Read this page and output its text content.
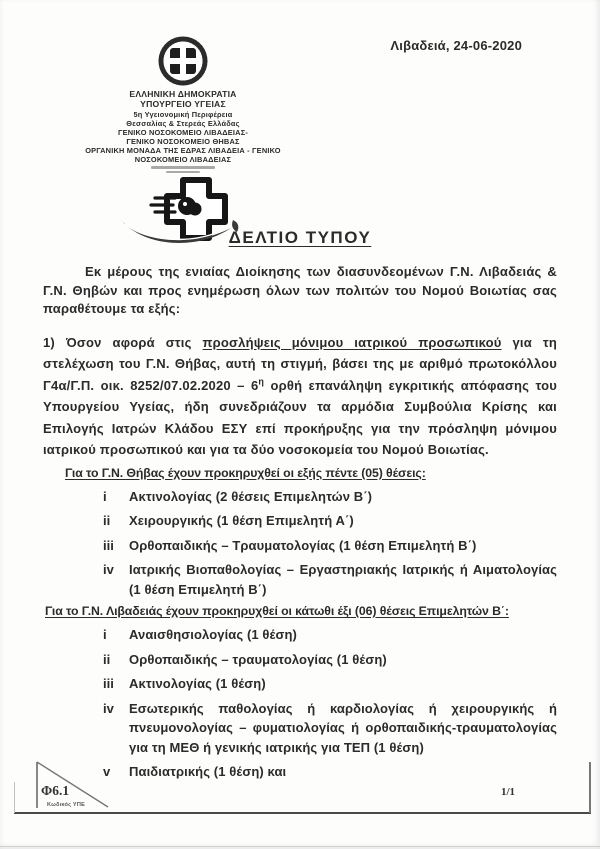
Λιβαδειά, 24-06-2020
ΕΛΛΗΝΙΚΗ ΔΗΜΟΚΡΑΤΙΑ
ΥΠΟΥΡΓΕΙΟ ΥΓΕΙΑΣ
5η Υγειονομική Περιφέρεια
Θεσσαλίας & Στερεάς Ελλάδας
ΓΕΝΙΚΟ ΝΟΣΟΚΟΜΕΙΟ ΛΙΒΑΔΕΙΑΣ-
ΓΕΝΙΚΟ ΝΟΣΟΚΟΜΕΙΟ ΘΗΒΑΣ
ΟΡΓΑΝΙΚΗ ΜΟΝΑΔΑ ΤΗΣ ΕΔΡΑΣ ΛΙΒΑΔΕΙΑ - ΓΕΝΙΚΟ
ΝΟΣΟΚΟΜΕΙΟ ΛΙΒΑΔΕΙΑΣ
ΔΕΛΤΙΟ ΤΥΠΟΥ

Εκ μέρους της ενιαίας Διοίκησης των διασυνδεομένων Γ.Ν. Λιβαδειάς & Γ.Ν. Θηβών και προς ενημέρωση όλων των πολιτών του Νομού Βοιωτίας σας παραθέτουμε τα εξής:

1) Όσον αφορά στις προσλήψεις μόνιμου ιατρικού προσωπικού για τη στελέχωση του Γ.Ν. Θήβας, αυτή τη στιγμή, βάσει της με αριθμό πρωτοκόλλου Γ4α/Γ.Π. οικ. $8252/07.02.2020 - 6^\eta$ ορθή επανάληψη εγκριτικής απόφασης του Υπουργείου Υγείας, ήδη συνεδριάζουν τα αρμόδια Συμβούλια Κρίσης και Επιλογής Ιατρών Κλάδου ΕΣΥ επί προκήρυξης για την πρόσληψη μόνιμου ιατρικού προσωπικού και για τα δύο νοσοκομεία του Νομού Βοιωτίας.

Για το Γ.Ν. Θήβας έχουν προκηρυχθεί οι εξής πέντε (05) θέσεις:
i	Ακτινολογίας (2 θέσεις Επιμελητών Β΄)
ii	Χειρουργικής (1 θέση Επιμελητή Α΄)
iii	Ορθοπαιδικής – Τραυματολογίας (1 θέση Επιμελητή Β΄)
iv	Ιατρικής Βιοπαθολογίας – Εργαστηριακής Ιατρικής ή Αιματολογίας (1 θέση Επιμελητή Β΄)
Για το Γ.Ν. Λιβαδειάς έχουν προκηρυχθεί οι κάτωθι έξι (06) θέσεις Επιμελητών Β΄:
i	Αναισθησιολογίας (1 θέση)
ii	Ορθοπαιδικής – τραυματολογίας (1 θέση)
iii	Ακτινολογίας (1 θέση)
iv	Εσωτερικής παθολογίας ή καρδιολογίας ή χειρουργικής ή πνευμονολογίας – φυματιολογίας ή ορθοπαιδικής-τραυματολογίας για τη ΜΕΘ ή γενικής ιατρικής για ΤΕΠ (1 θέση)
v	Παιδιατρικής (1 θέση) και
Φ6.1
Κωδικός ΥΠΕ
1/1
